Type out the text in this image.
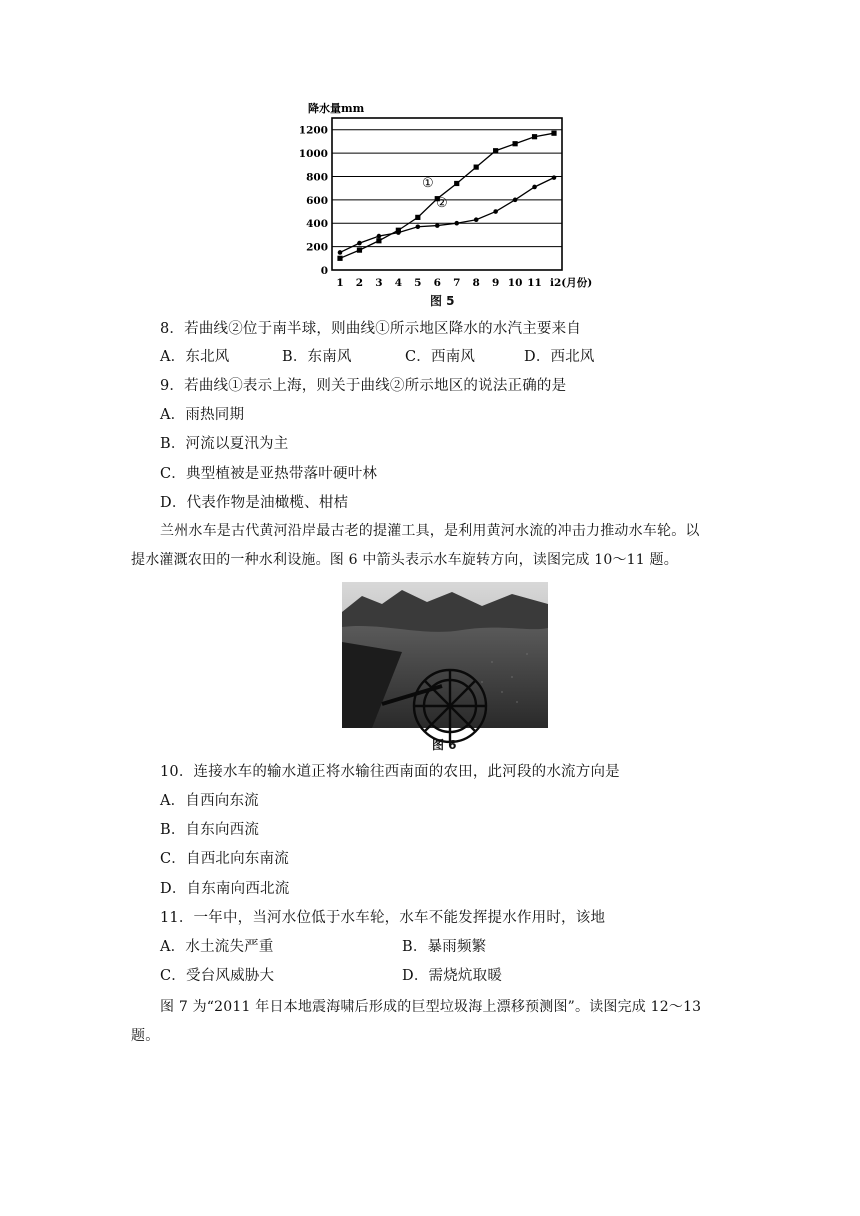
降水量mm
0
200
400
600
800
1000
1200
1 2 3 4 5 6 7 8 9 10 11 i2(月份)
①
②
图 5
8．若曲线②位于南半球，则曲线①所示地区降水的水汽主要来自
A．东北风	B．东南风	C．西南风	D．西北风
9．若曲线①表示上海，则关于曲线②所示地区的说法正确的是
A．雨热同期
B．河流以夏汛为主
C．典型植被是亚热带落叶硬叶林
D．代表作物是油橄榄、柑桔
兰州水车是古代黄河沿岸最古老的提灌工具，是利用黄河水流的冲击力推动水车轮。以
提水灌溉农田的一种水利设施。图 6 中箭头表示水车旋转方向，读图完成 10～11 题。
图 6
10．连接水车的输水道正将水输往西南面的农田，此河段的水流方向是
A．自西向东流
B．自东向西流
C．自西北向东南流
D．自东南向西北流
11．一年中，当河水位低于水车轮，水车不能发挥提水作用时，该地
A．水土流失严重	B．暴雨频繁
C．受台风威胁大	D．需烧炕取暖
图 7 为“2011 年日本地震海啸后形成的巨型垃圾海上漂移预测图”。读图完成 12～13
题。
